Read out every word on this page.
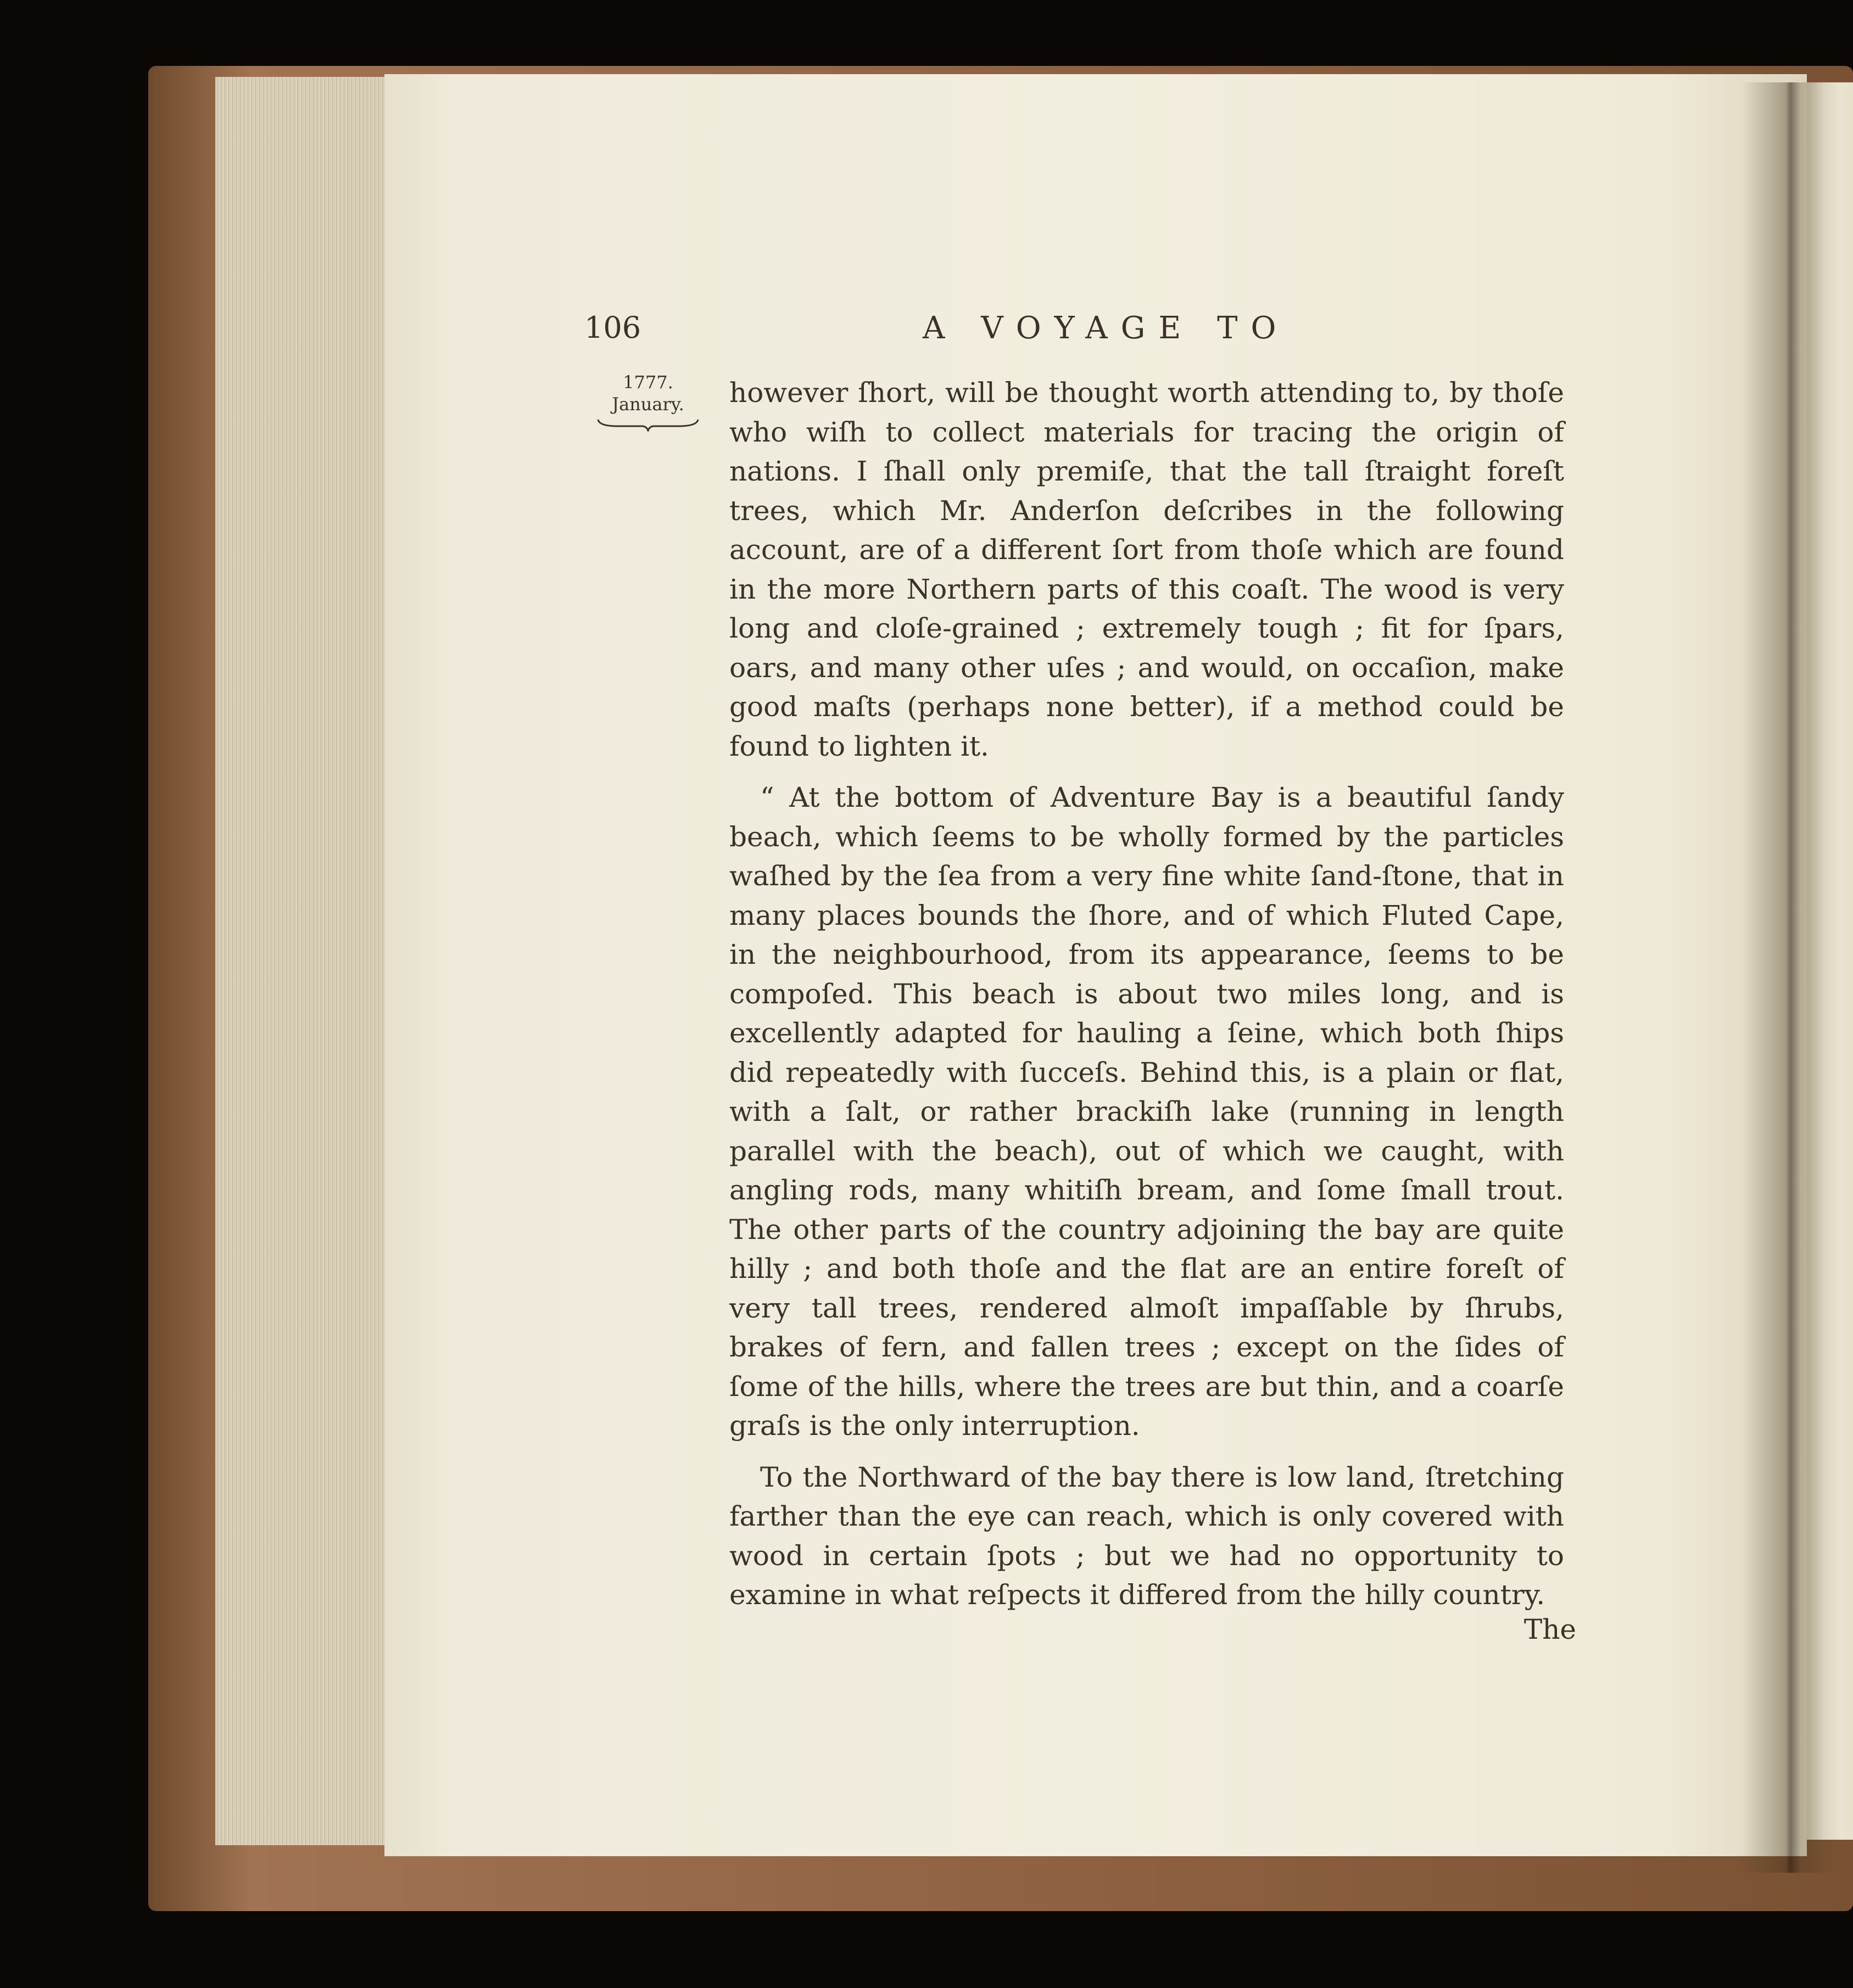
106	A VOYAGE TO

1777.
January.	however ſhort, will be thought worth attending to, by thoſe who wiſh to collect materials for tracing the origin of nations. I ſhall only premiſe, that the tall ſtraight foreſt trees, which Mr. Anderſon deſcribes in the following account, are of a different ſort from thoſe which are found in the more Northern parts of this coaſt. The wood is very long and cloſe-grained ; extremely tough ; fit for ſpars, oars, and many other uſes ; and would, on occaſion, make good maſts (perhaps none better), if a method could be found to lighten it.

“ At the bottom of Adventure Bay is a beautiful ſandy beach, which ſeems to be wholly formed by the particles waſhed by the ſea from a very fine white ſand-ſtone, that in many places bounds the ſhore, and of which Fluted Cape, in the neighbourhood, from its appearance, ſeems to be compoſed. This beach is about two miles long, and is excellently adapted for hauling a ſeine, which both ſhips did repeatedly with ſucceſs. Behind this, is a plain or flat, with a ſalt, or rather brackiſh lake (running in length parallel with the beach), out of which we caught, with angling rods, many whitiſh bream, and ſome ſmall trout. The other parts of the country adjoining the bay are quite hilly ; and both thoſe and the flat are an entire foreſt of very tall trees, rendered almoſt impaſſable by ſhrubs, brakes of fern, and fallen trees ; except on the ſides of ſome of the hills, where the trees are but thin, and a coarſe graſs is the only interruption.

To the Northward of the bay there is low land, ſtretching farther than the eye can reach, which is only covered with wood in certain ſpots ; but we had no opportunity to examine in what reſpects it differed from the hilly country.

The
